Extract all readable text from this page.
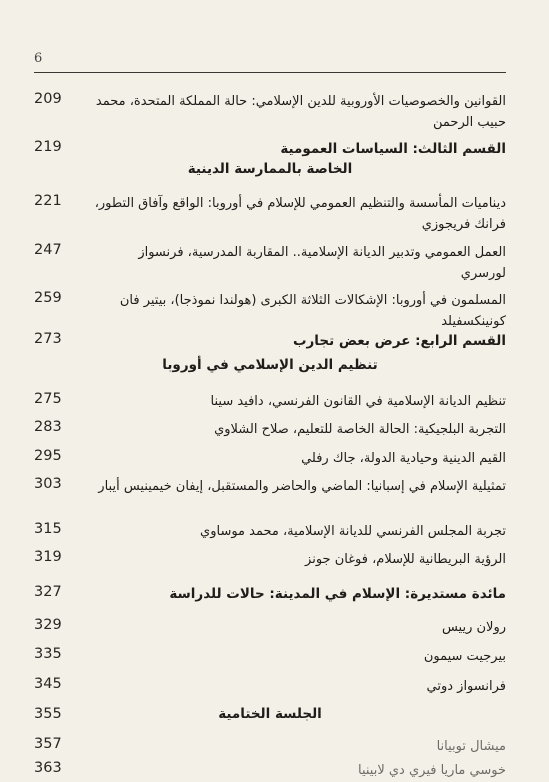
6
209	القوانين والخصوصيات الأوروبية للدين الإسلامي: حالة المملكة المتحدة، محمد حبيب الرحمن
219	القسم الثالث: السياسات العمومية
الخاصة بالممارسة الدينية
221	ديناميات المأسسة والتنظيم العمومي للإسلام في أوروبا: الواقع وآفاق التطور، فرانك فريجوزي
247	العمل العمومي وتدبير الديانة الإسلامية.. المقاربة المدرسية، فرنسواز لورسري
259	المسلمون في أوروبا: الإشكالات الثلاثة الكبرى (هولندا نموذجا)، بيتير فان كونينكسفيلد
273	القسم الرابع: عرض بعض تجارب
تنظيم الدين الإسلامي في أوروبا
275	تنظيم الديانة الإسلامية في القانون الفرنسي، دافيد سينا
283	التجربة البلجيكية: الحالة الخاصة للتعليم، صلاح الشلاوي
295	القيم الدينية وحيادية الدولة، جاك رفلي
303	تمثيلية الإسلام في إسبانيا: الماضي والحاضر والمستقبل، إيفان خيمينيس أيبار
315	تجربة المجلس الفرنسي للديانة الإسلامية، محمد موساوي
319	الرؤية البريطانية للإسلام، فوغان جونز
327	مائدة مستديرة: الإسلام في المدينة: حالات للدراسة
329	رولان رييس
335	بيرجيت سيمون
345	فرانسواز دوتي
355	الجلسة الختامية
357	ميشال توبيانا
363	خوسي ماريا فيري دي لابينيا
